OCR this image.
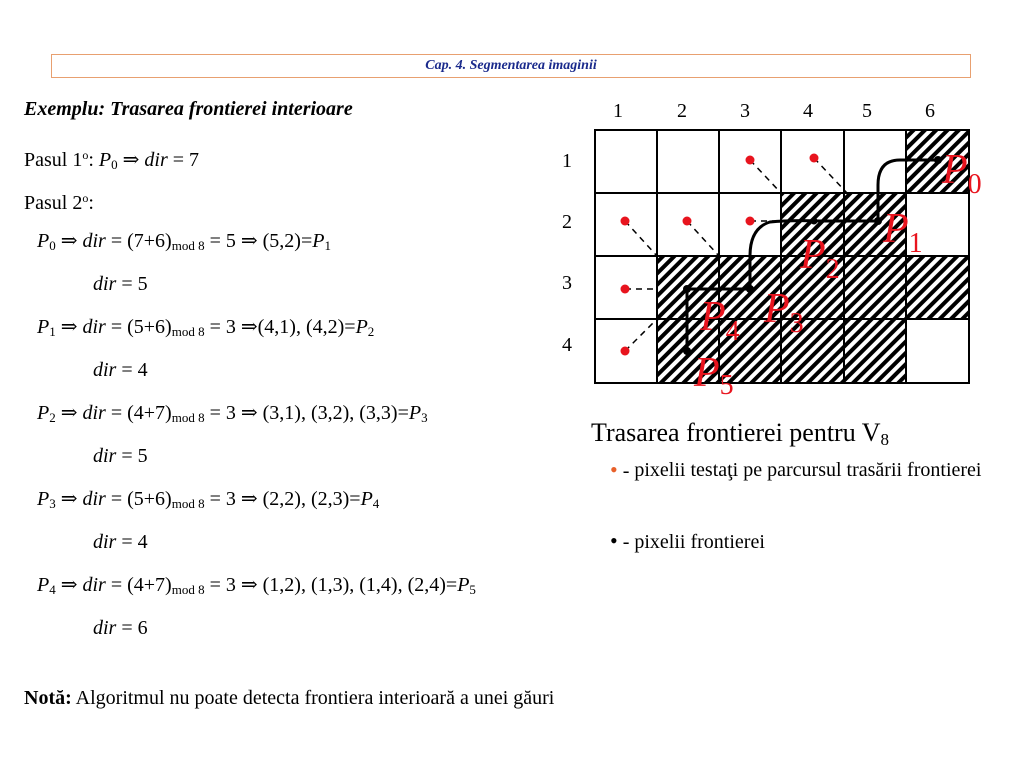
Cap. 4. Segmentarea imaginii
Exemplu: Trasarea frontierei interioare
Pasul 1$^o$: $P_0$ ⇒ dir = 7
Pasul 2$^o$:
$P_0$ ⇒ dir = $(7+6)_{mod 8} = 5$ ⇒ $(5,2)=P_1$
dir = 5
$P_1$ ⇒ dir = $(5+6)_{mod 8} = 3$ ⇒(4,1), $(4,2)=P_2$
dir = 4
$P_2$ ⇒ dir = $(4+7)_{mod 8} = 3$ ⇒ (3,1), (3,2), $(3,3)=P_3$
dir = 5
$P_3$ ⇒ dir = $(5+6)_{mod 8} = 3$ ⇒ (2,2), $(2,3)=P_4$
dir = 4
$P_4$ ⇒ dir = $(4+7)_{mod 8} = 3$ ⇒ (1,2), (1,3), (1,4), $(2,4)=P_5$
dir = 6
Notă: Algoritmul nu poate detecta frontiera interioară a unei găuri
1	2	3	4 5	6
1
2
3
4
$P_0$
$P_1$
$P_2$
$P_4$ $P_3$
P5
Trasarea frontierei pentru $V_8$
• - pixelii testaţi pe parcursul trasării frontierei
• - pixelii frontierei
